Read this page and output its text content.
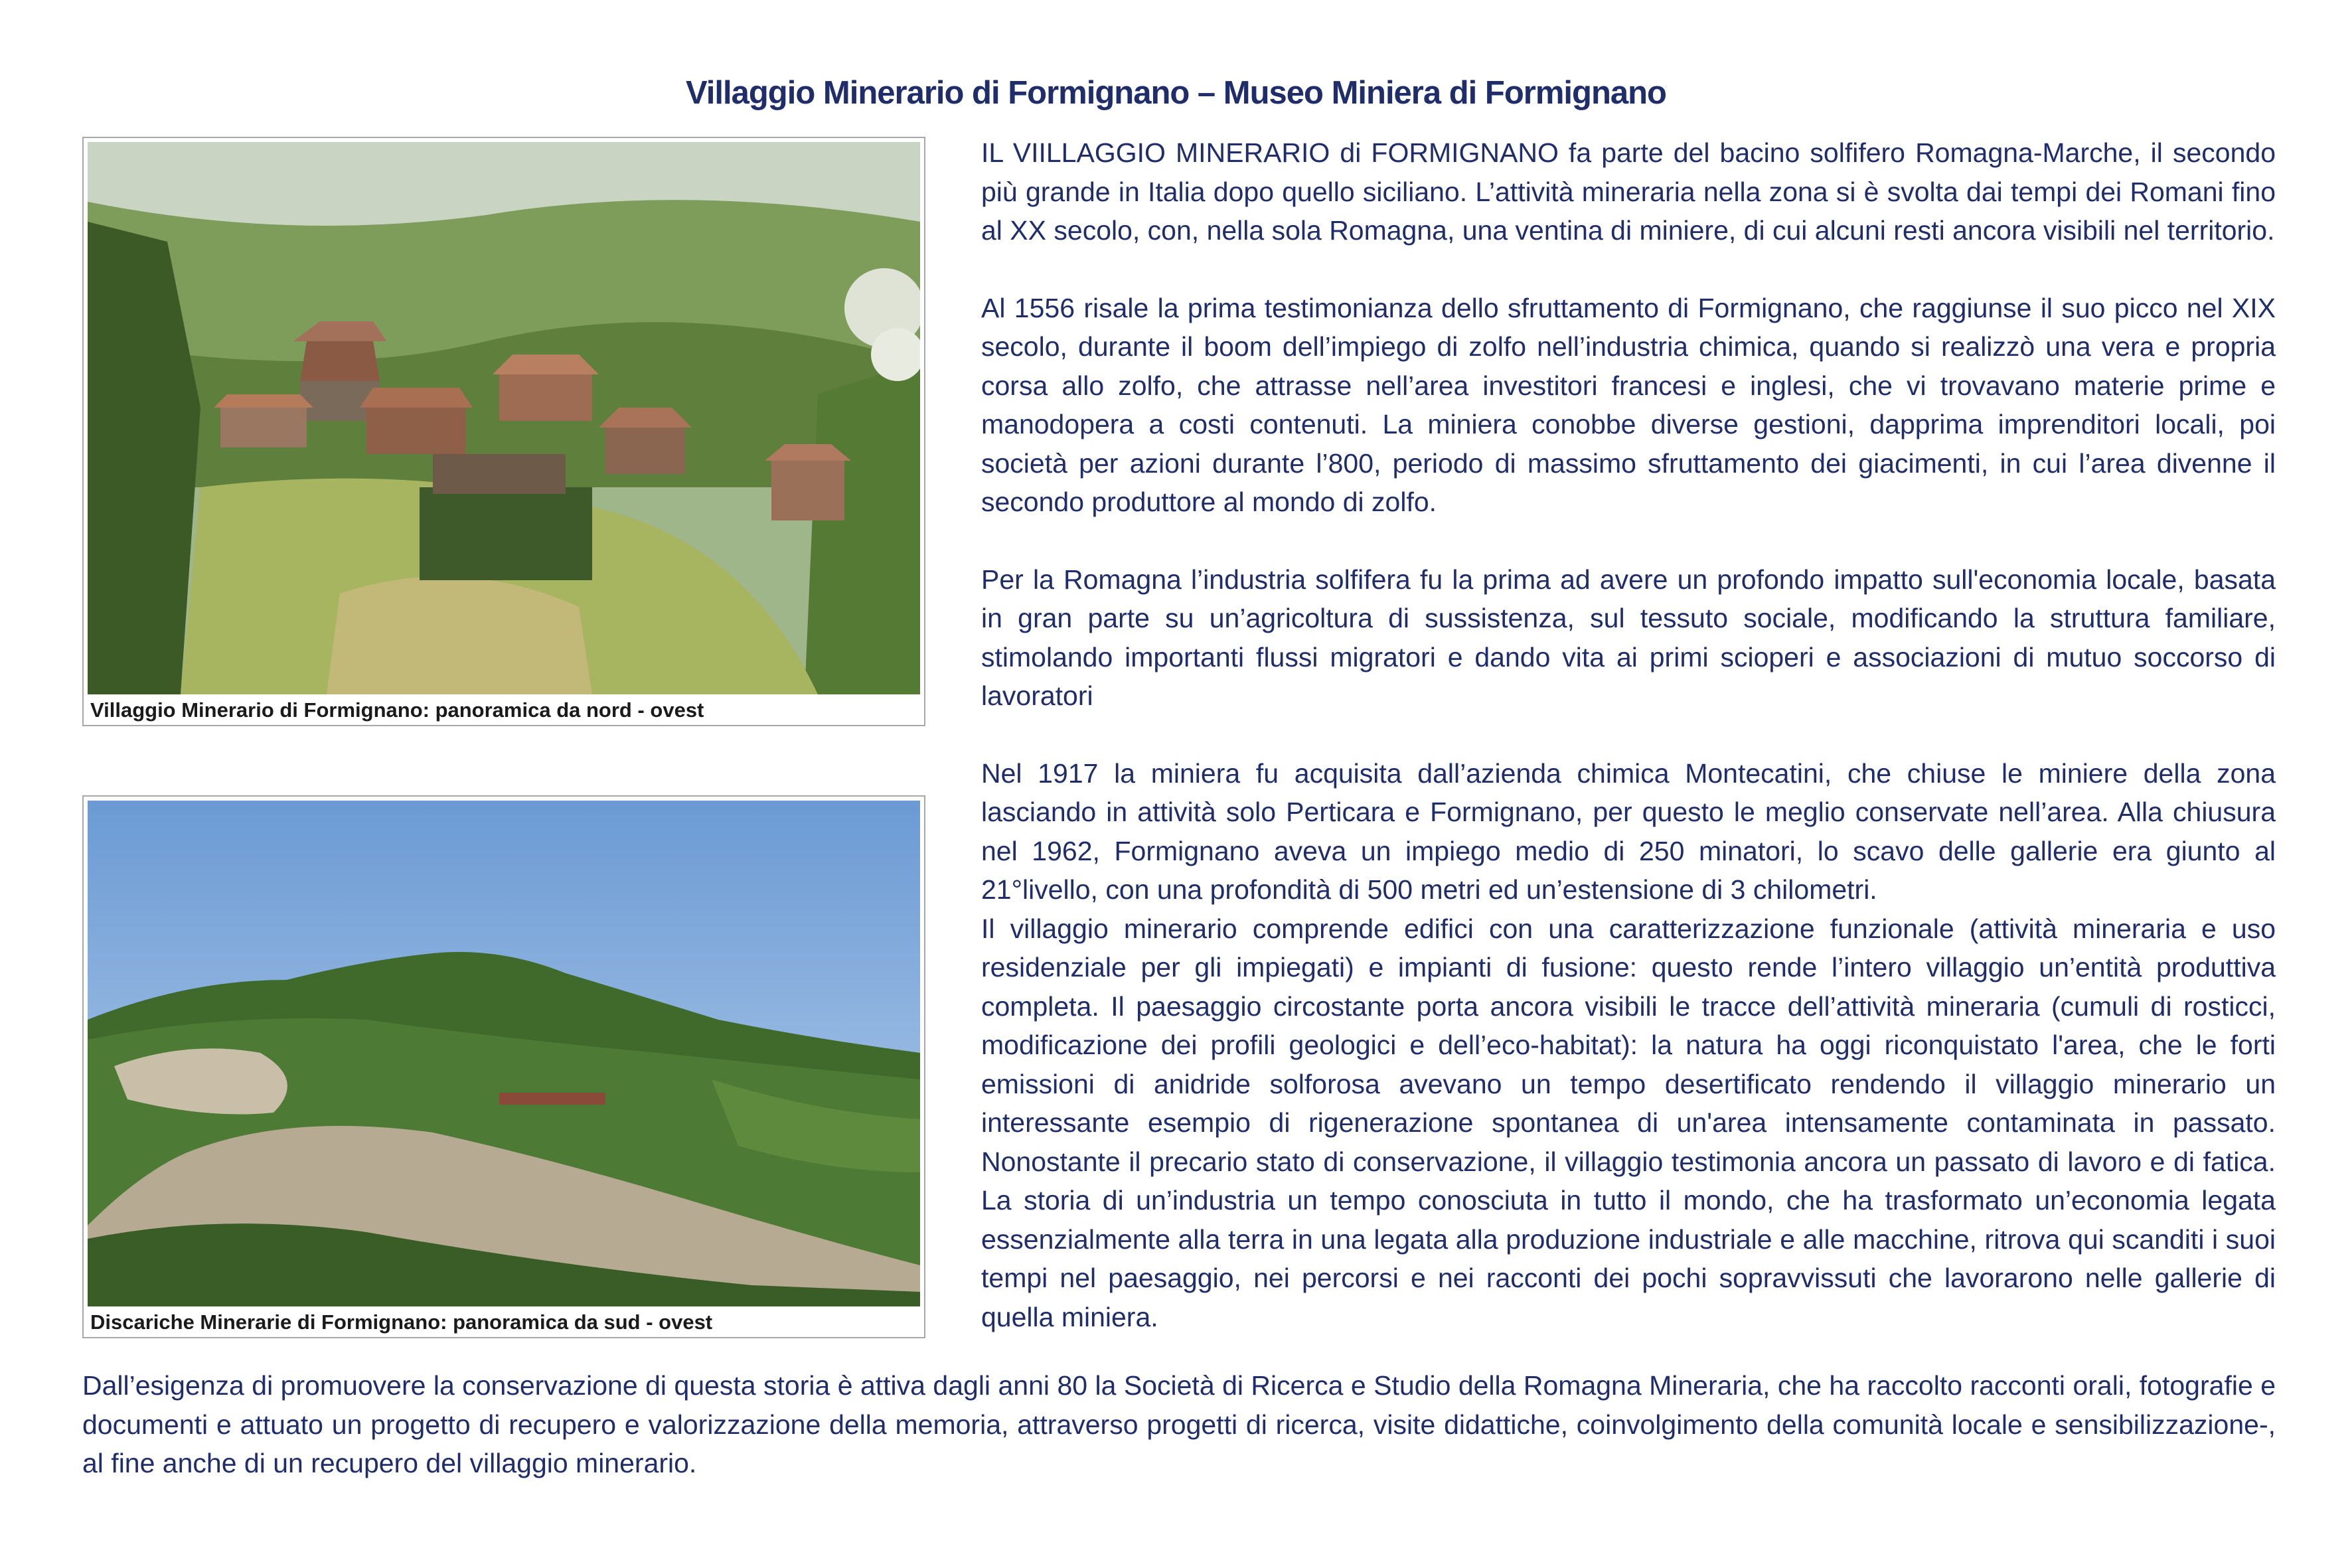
Villaggio Minerario di Formignano – Museo Miniera di Formignano
Villaggio Minerario di Formignano: panoramica da nord - ovest
Discariche Minerarie di Formignano: panoramica da sud - ovest

IL VIILLAGGIO MINERARIO di FORMIGNANO fa parte del bacino solfifero Romagna-Marche, il secondo più grande in Italia dopo quello siciliano. L’attività mineraria nella zona si è svolta dai tempi dei Romani fino al XX secolo, con, nella sola Romagna, una ventina di miniere, di cui alcuni resti ancora visibili nel territorio.

Al 1556 risale la prima testimonianza dello sfruttamento di Formignano, che raggiunse il suo picco nel XIX secolo, durante il boom dell’impiego di zolfo nell’industria chimica, quando si realizzò una vera e propria corsa allo zolfo, che attrasse nell’area investitori francesi e inglesi, che vi trovavano materie prime e manodopera a costi contenuti. La miniera conobbe diverse gestioni, dapprima imprenditori locali, poi società per azioni durante l’800, periodo di massimo sfruttamento dei giacimenti, in cui l’area divenne il secondo produttore al mondo di zolfo.

Per la Romagna l’industria solfifera fu la prima ad avere un profondo impatto sull'economia locale, basata in gran parte su un’agricoltura di sussistenza, sul tessuto sociale, modificando la struttura familiare, stimolando importanti flussi migratori e dando vita ai primi scioperi e associazioni di mutuo soccorso di lavoratori

Nel 1917 la miniera fu acquisita dall’azienda chimica Montecatini, che chiuse le miniere della zona lasciando in attività solo Perticara e Formignano, per questo le meglio conservate nell’area. Alla chiusura nel 1962, Formignano aveva un impiego medio di 250 minatori, lo scavo delle gallerie era giunto al 21°livello, con una profondità di 500 metri ed un’estensione di 3 chilometri.

Il villaggio minerario comprende edifici con una caratterizzazione funzionale (attività mineraria e uso residenziale per gli impiegati) e impianti di fusione: questo rende l’intero villaggio un’entità produttiva completa. Il paesaggio circostante porta ancora visibili le tracce dell’attività mineraria (cumuli di rosticci, modificazione dei profili geologici e dell’eco-habitat): la natura ha oggi riconquistato l'area, che le forti emissioni di anidride solforosa avevano un tempo desertificato rendendo il villaggio minerario un interessante esempio di rigenerazione spontanea di un'area intensamente contaminata in passato. Nonostante il precario stato di conservazione, il villaggio testimonia ancora un passato di lavoro e di fatica. La storia di un’industria un tempo conosciuta in tutto il mondo, che ha trasformato un’economia legata essenzialmente alla terra in una legata alla produzione industriale e alle macchine, ritrova qui scanditi i suoi tempi nel paesaggio, nei percorsi e nei racconti dei pochi sopravvissuti che lavorarono nelle gallerie di quella miniera.

Dall’esigenza di promuovere la conservazione di questa storia è attiva dagli anni 80 la Società di Ricerca e Studio della Romagna Mineraria, che ha raccolto racconti orali, fotografie e documenti e attuato un progetto di recupero e valorizzazione della memoria, attraverso progetti di ricerca, visite didattiche, coinvolgimento della comunità locale e sensibilizzazione-, al fine anche di un recupero del villaggio minerario.
